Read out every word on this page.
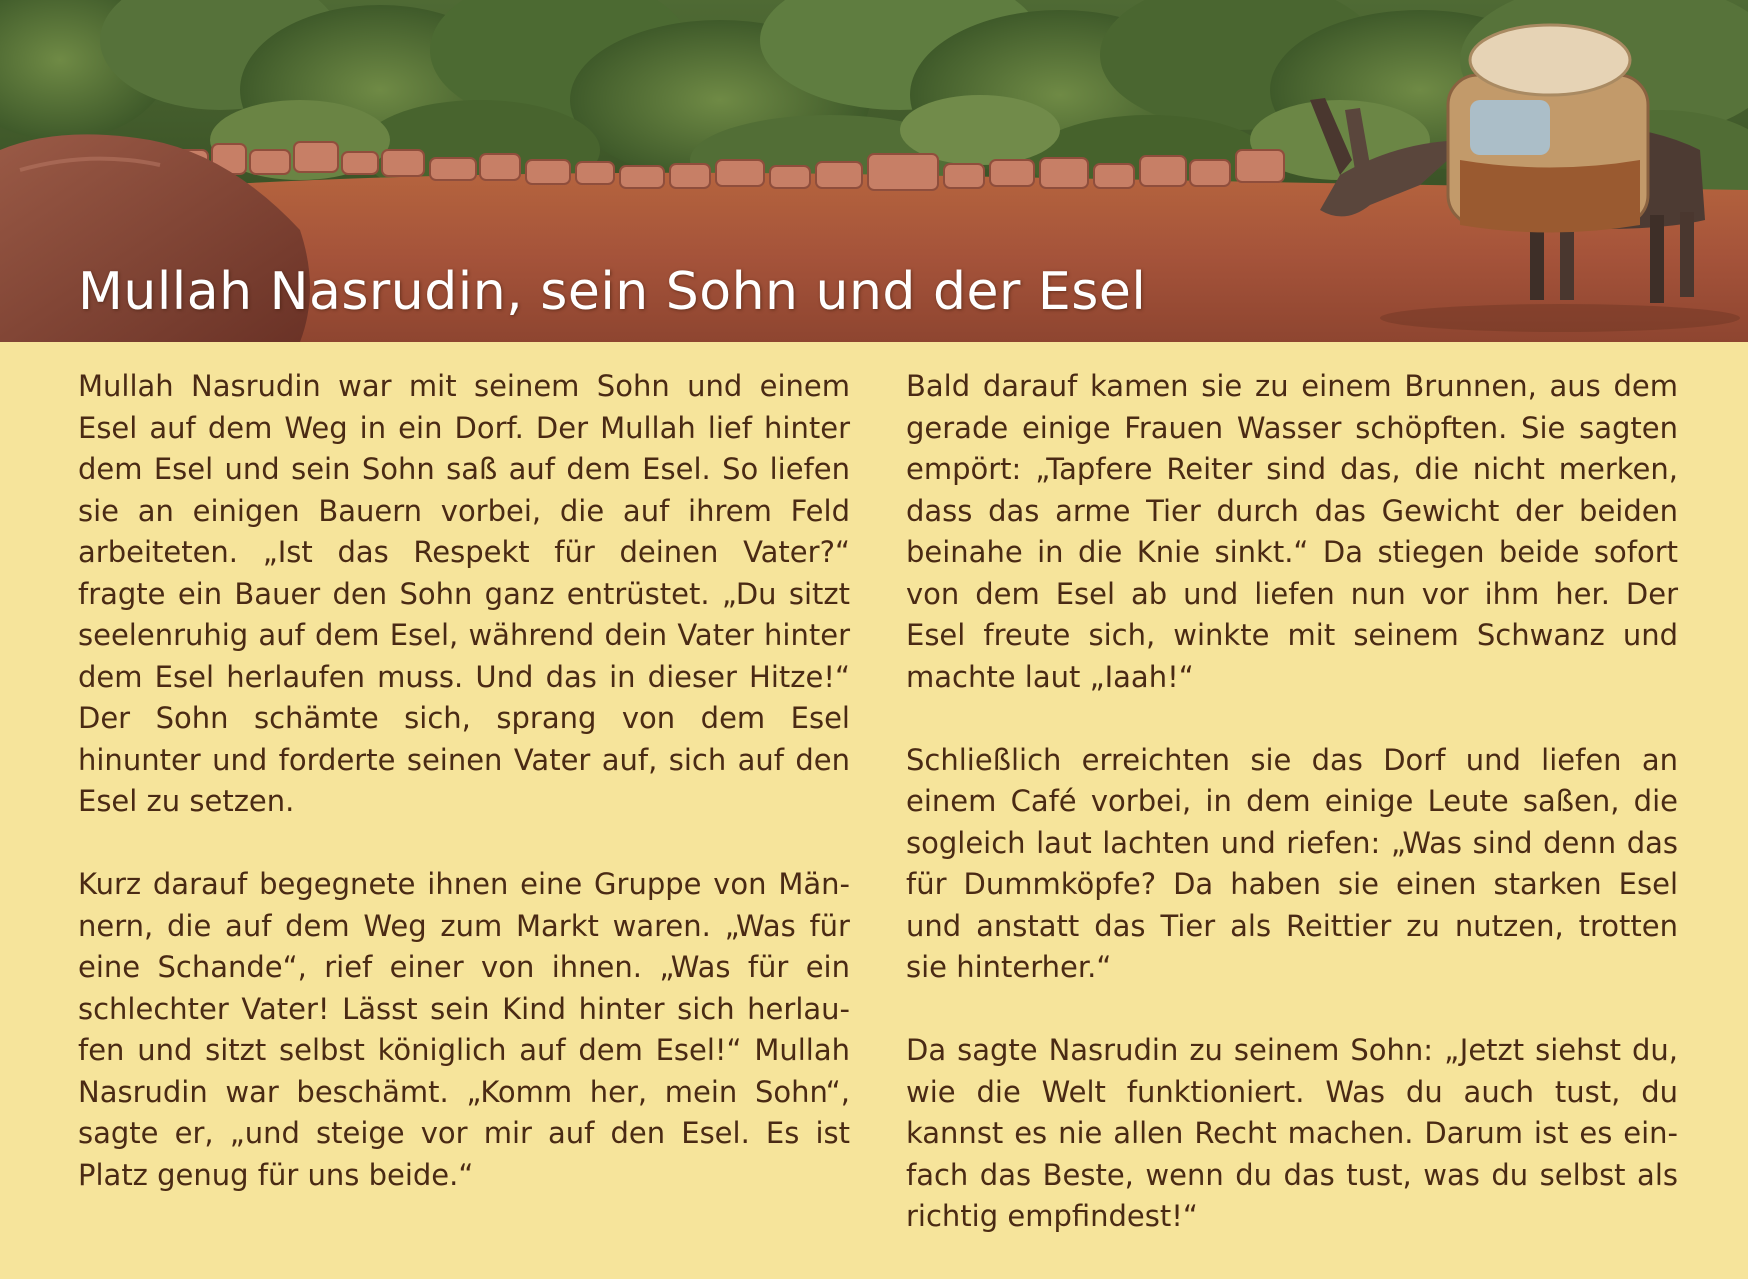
Mullah Nasrudin, sein Sohn und der Esel

Mullah Nasrudin war mit seinem Sohn und einem Esel auf dem Weg in ein Dorf. Der Mullah lief hinter dem Esel und sein Sohn saß auf dem Esel. So liefen sie an einigen Bauern vorbei, die auf ihrem Feld arbeiteten. „Ist das Respekt für deinen Vater?“ fragte ein Bauer den Sohn ganz entrüstet. „Du sitzt seelenruhig auf dem Esel, während dein Vater hinter dem Esel herlaufen muss. Und das in dieser Hitze!“ Der Sohn schämte sich, sprang von dem Esel hinunter und forderte seinen Vater auf, sich auf den Esel zu setzen.

Kurz darauf begegnete ihnen eine Gruppe von Männern, die auf dem Weg zum Markt waren. „Was für eine Schande“, rief einer von ihnen. „Was für ein schlechter Vater! Lässt sein Kind hinter sich herlaufen und sitzt selbst königlich auf dem Esel!“ Mullah Nasrudin war beschämt. „Komm her, mein Sohn“, sagte er, „und steige vor mir auf den Esel. Es ist Platz genug für uns beide.“

Bald darauf kamen sie zu einem Brunnen, aus dem gerade einige Frauen Wasser schöpften. Sie sagten empört: „Tapfere Reiter sind das, die nicht merken, dass das arme Tier durch das Gewicht der beiden beinahe in die Knie sinkt.“ Da stiegen beide sofort von dem Esel ab und liefen nun vor ihm her. Der Esel freute sich, winkte mit seinem Schwanz und machte laut „Iaah!“

Schließlich erreichten sie das Dorf und liefen an einem Café vorbei, in dem einige Leute saßen, die sogleich laut lachten und riefen: „Was sind denn das für Dummköpfe? Da haben sie einen starken Esel und anstatt das Tier als Reittier zu nutzen, trotten sie hinterher.“

Da sagte Nasrudin zu seinem Sohn: „Jetzt siehst du, wie die Welt funktioniert. Was du auch tust, du kannst es nie allen Recht machen. Darum ist es einfach das Beste, wenn du das tust, was du selbst als richtig empfindest!“
